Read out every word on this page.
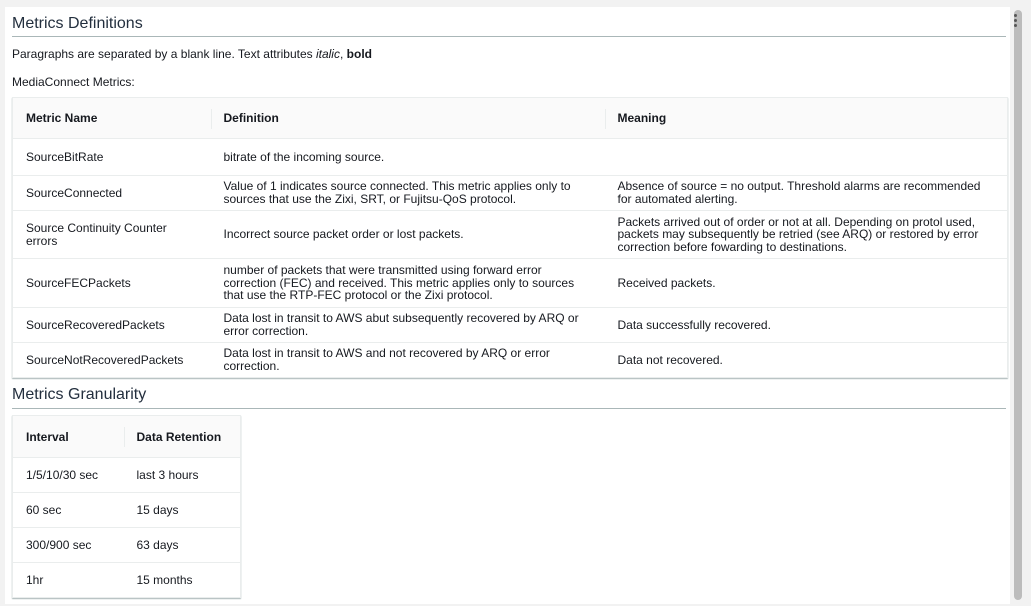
Metrics Definitions
Paragraphs are separated by a blank line. Text attributes italic, bold
MediaConnect Metrics:
Metric Name	Definition	Meaning
SourceBitRate	bitrate of the incoming source.	
SourceConnected	Value of 1 indicates source connected. This metric applies only to sources that use the Zixi, SRT, or Fujitsu-QoS protocol.	Absence of source = no output. Threshold alarms are recommended for automated alerting.
Source Continuity Counter errors	Incorrect source packet order or lost packets.	Packets arrived out of order or not at all. Depending on protol used, packets may subsequently be retried (see ARQ) or restored by error correction before fowarding to destinations.
SourceFECPackets	number of packets that were transmitted using forward error correction (FEC) and received. This metric applies only to sources that use the RTP-FEC protocol or the Zixi protocol.	Received packets.
SourceRecoveredPackets	Data lost in transit to AWS abut subsequently recovered by ARQ or error correction.	Data successfully recovered.
SourceNotRecoveredPackets	Data lost in transit to AWS and not recovered by ARQ or error correction.	Data not recovered.
Metrics Granularity
Interval	Data Retention
1/5/10/30 sec	last 3 hours
60 sec	15 days
300/900 sec	63 days
1hr	15 months
